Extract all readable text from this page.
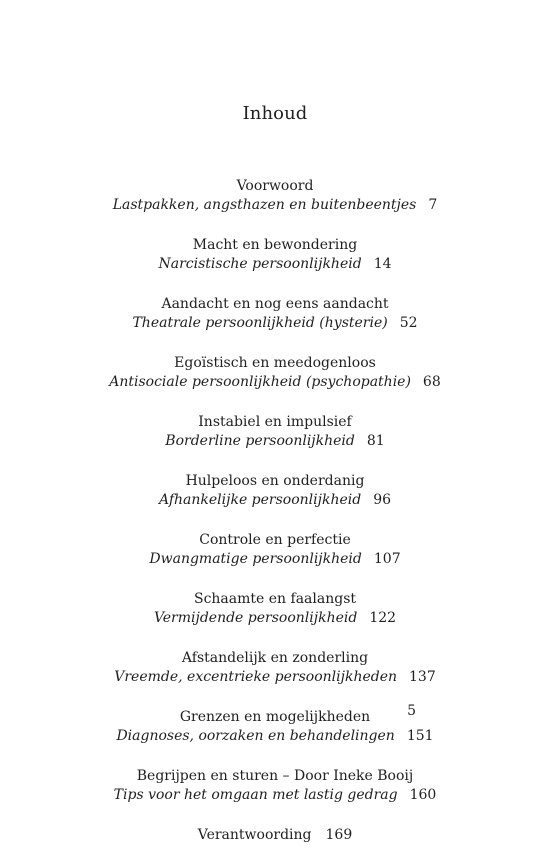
Inhoud
Voorwoord
Lastpakken, angsthazen en buitenbeentjes 7
Macht en bewondering
Narcistische persoonlijkheid 14
Aandacht en nog eens aandacht
Theatrale persoonlijkheid (hysterie) 52
Egoïstisch en meedogenloos
Antisociale persoonlijkheid (psychopathie) 68
Instabiel en impulsief
Borderline persoonlijkheid 81
Hulpeloos en onderdanig
Afhankelijke persoonlijkheid 96
Controle en perfectie
Dwangmatige persoonlijkheid 107
Schaamte en faalangst
Vermijdende persoonlijkheid 122
Afstandelijk en zonderling
Vreemde, excentrieke persoonlijkheden 137
Grenzen en mogelijkheden
Diagnoses, oorzaken en behandelingen 151
Begrijpen en sturen – Door Ineke Booij
Tips voor het omgaan met lastig gedrag 160
Verantwoording 169
5
